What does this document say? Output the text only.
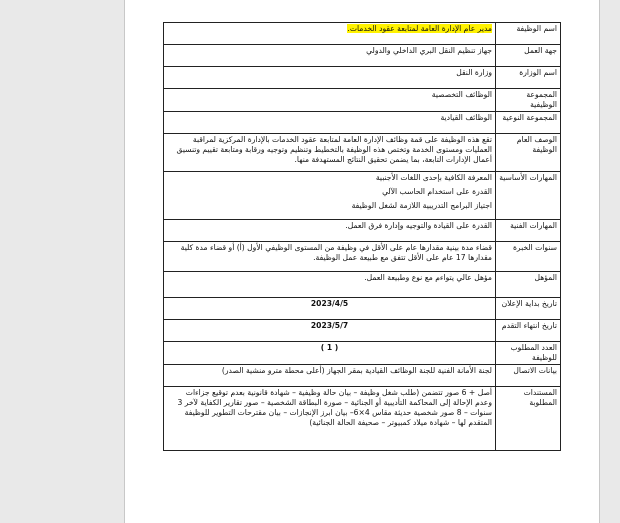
اسم الوظيفة	مدير عام الإدارة العامة لمتابعة عقود الخدمات.
جهة العمل	جهاز تنظيم النقل البري الداخلي والدولي
اسم الوزارة	وزارة النقل
المجموعة الوظيفية	الوظائف التخصصية
المجموعة النوعية	الوظائف القيادية
الوصف العام الوظيفة	تقع هذه الوظيفة على قمة وظائف الإدارة العامة لمتابعة عقود الخدمات بالإدارة المركزية لمراقبة العمليات ومستوى الخدمة وتختص هذه الوظيفة بالتخطيط وتنظيم وتوجيه ورقابة ومتابعة تقييم وتنسيق أعمال الإدارات التابعة، بما يضمن تحقيق النتائج المستهدفة منها.
المهارات الأساسية	المعرفة الكافية بإحدى اللغات الأجنبية

القدرة على استخدام الحاسب الآلي

اجتياز البرامج التدريبية اللازمة لشغل الوظيفة

المهارات الفنية	القدرة على القيادة والتوجيه وإدارة فرق العمل.
سنوات الخبرة	قضاء مدة بينية مقدارها عام على الأقل في وظيفة من المستوى الوظيفي الأول (أ) أو قضاء مدة كلية مقدارها 17 عام على الأقل تتفق مع طبيعة عمل الوظيفة.
المؤهل	مؤهل عالي يتواءم مع نوع وطبيعة العمل.
تاريخ بداية الإعلان	2023/4/5
تاريخ انتهاء التقدم	2023/5/7
العدد المطلوب للوظيفة	( 1 )
بيانات الاتصال	لجنة الأمانة الفنية للجنة الوظائف القيادية بمقر الجهاز (أعلى محطة مترو منشية الصدر)
المستندات المطلوبة	أصل + 6 صور تتضمن (طلب شغل وظيفة – بيان حالة وظيفية – شهادة قانونية بعدم توقيع جزاءات وعدم الإحالة إلى المحاكمة التأديبية أو الجنائية – صورة البطاقة الشخصية – صور تقارير الكفاية لآخر 3 سنوات – 8 صور شخصية حديثة مقاس 4×6– بيان ابرز الإنجازات – بيان مقترحات التطوير للوظيفة المتقدم لها – شهادة ميلاد كمبيوتر – صحيفة الحالة الجنائية)
